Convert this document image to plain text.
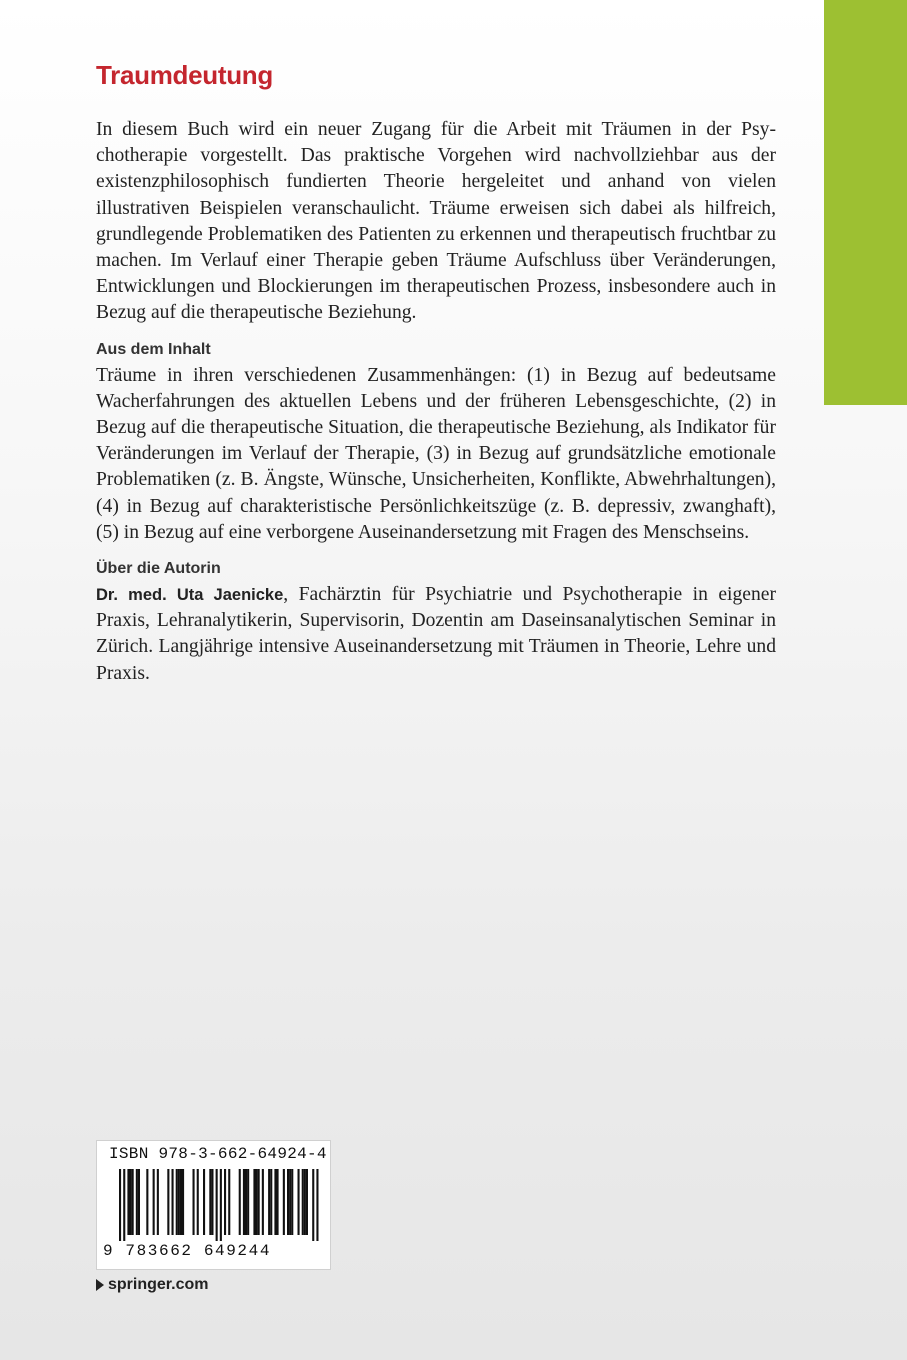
Traumdeutung

In diesem Buch wird ein neuer Zugang für die Arbeit mit Träumen in der Psychotherapie vorgestellt. Das praktische Vorgehen wird nachvollziehbar aus der existenzphilosophisch fundierten Theorie hergeleitet und anhand von vielen illustrativen Beispielen veranschaulicht. Träume erweisen sich dabei als hilfreich, grundlegende Problematiken des Patienten zu erkennen und therapeutisch fruchtbar zu machen. Im Verlauf einer Therapie geben Träume Aufschluss über Veränderungen, Entwicklungen und Blockierungen im therapeutischen Prozess, insbesondere auch in Bezug auf die therapeutische Beziehung.

Aus dem Inhalt

Träume in ihren verschiedenen Zusammenhängen: (1) in Bezug auf bedeutsame Wacherfahrungen des aktuellen Lebens und der früheren Lebensgeschichte, (2) in Bezug auf die therapeutische Situation, die therapeutische Beziehung, als Indikator für Veränderungen im Verlauf der Therapie, (3) in Bezug auf grundsätzliche emotionale Problematiken (z. B. Ängste, Wünsche, Unsicherheiten, Konflikte, Abwehrhaltungen), (4) in Bezug auf charakteristische Persönlichkeitszüge (z. B. depressiv, zwanghaft), (5) in Bezug auf eine verborgene Auseinandersetzung mit Fragen des Menschseins.

Über die Autorin

Dr. med. Uta Jaenicke, Fachärztin für Psychiatrie und Psychotherapie in eigener Praxis, Lehranalytikerin, Supervisorin, Dozentin am Daseinsanalytischen Seminar in Zürich. Langjährige intensive Auseinandersetzung mit Träumen in Theorie, Lehre und Praxis.

ISBN 978-3-662-64924-4
9 783662 649244
springer.com
